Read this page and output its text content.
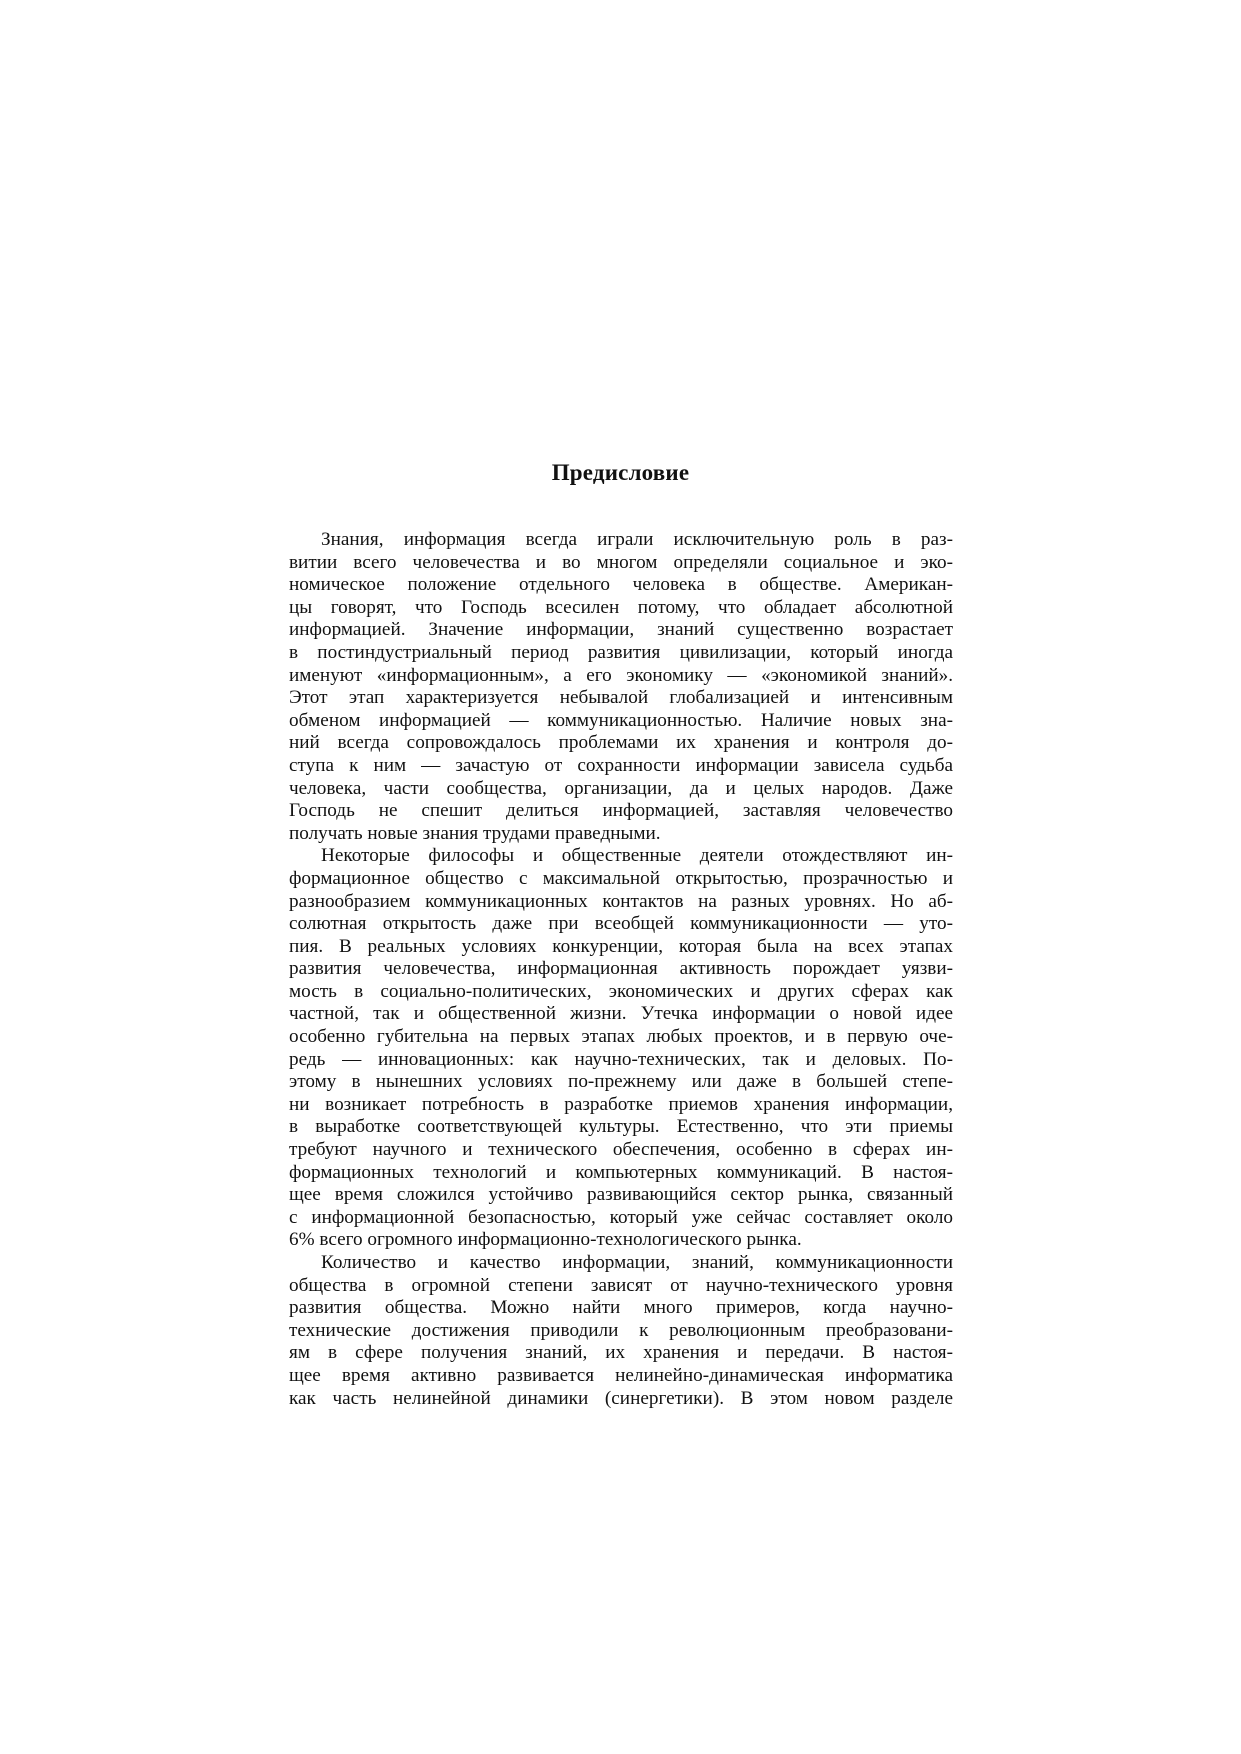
Предисловие
Знания, информация всегда играли исключительную роль в раз-
витии всего человечества и во многом определяли социальное и эко-
номическое положение отдельного человека в обществе. Американ-
цы говорят, что Господь всесилен потому, что обладает абсолютной
информацией. Значение информации, знаний существенно возрастает
в постиндустриальный период развития цивилизации, который иногда
именуют «информационным», а его экономику — «экономикой знаний».
Этот этап характеризуется небывалой глобализацией и интенсивным
обменом информацией — коммуникационностью. Наличие новых зна-
ний всегда сопровождалось проблемами их хранения и контроля до-
ступа к ним — зачастую от сохранности информации зависела судьба
человека, части сообщества, организации, да и целых народов. Даже
Господь не спешит делиться информацией, заставляя человечество
получать новые знания трудами праведными.
Некоторые философы и общественные деятели отождествляют ин-
формационное общество с максимальной открытостью, прозрачностью и
разнообразием коммуникационных контактов на разных уровнях. Но аб-
солютная открытость даже при всеобщей коммуникационности — уто-
пия. В реальных условиях конкуренции, которая была на всех этапах
развития человечества, информационная активность порождает уязви-
мость в социально-политических, экономических и других сферах как
частной, так и общественной жизни. Утечка информации о новой идее
особенно губительна на первых этапах любых проектов, и в первую оче-
редь — инновационных: как научно-технических, так и деловых. По-
этому в нынешних условиях по-прежнему или даже в большей степе-
ни возникает потребность в разработке приемов хранения информации,
в выработке соответствующей культуры. Естественно, что эти приемы
требуют научного и технического обеспечения, особенно в сферах ин-
формационных технологий и компьютерных коммуникаций. В настоя-
щее время сложился устойчиво развивающийся сектор рынка, связанный
с информационной безопасностью, который уже сейчас составляет около
6% всего огромного информационно-технологического рынка.
Количество и качество информации, знаний, коммуникационности
общества в огромной степени зависят от научно-технического уровня
развития общества. Можно найти много примеров, когда научно-
технические достижения приводили к революционным преобразовани-
ям в сфере получения знаний, их хранения и передачи. В настоя-
щее время активно развивается нелинейно-динамическая информатика
как часть нелинейной динамики (синергетики). В этом новом разделе
